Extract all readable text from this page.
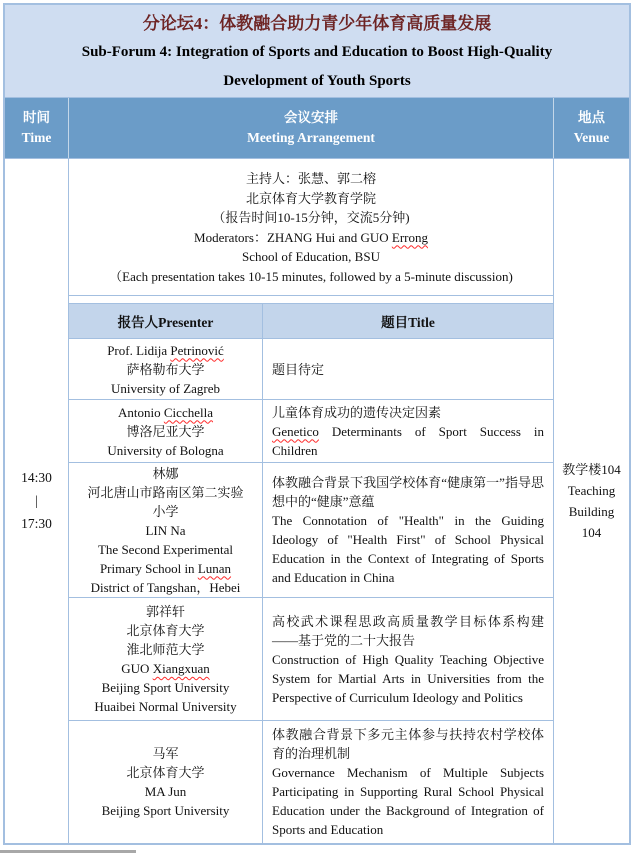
分论坛4：体教融合助力青少年体育高质量发展
Sub-Forum 4: Integration of Sports and Education to Boost High-Quality
Development of Youth Sports
时间
Time
会议安排
Meeting Arrangement
地点
Venue
14:30
|
17:30
主持人：张慧、郭二榕
北京体育大学教育学院
（报告时间10-15分钟，交流5分钟)
Moderators：ZHANG Hui and GUO Errong
School of Education, BSU
（Each presentation takes 10-15 minutes, followed by a 5-minute discussion)
报告人Presenter	题目Title
Prof. Lidija Petrinović
萨格勒布大学
University of Zagreb

题目待定

Antonio Cicchella
博洛尼亚大学
University of Bologna

儿童体育成功的遗传决定因素

Genetico Determinants of Sport Success in Children

林娜
河北唐山市路南区第二实验
小学
LIN Na
The Second Experimental
Primary School in Lunan
District of Tangshan，Hebei

体教融合背景下我国学校体育“健康第一”指导思想中的“健康”意蕴

The Connotation of "Health" in the Guiding Ideology of "Health First" of School Physical Education in the Context of Integrating of Sports and Education in China

郭祥轩
北京体育大学
淮北师范大学
GUO Xiangxuan
Beijing Sport University
Huaibei Normal University

高校武术课程思政高质量教学目标体系构建——基于党的二十大报告

Construction of High Quality Teaching Objective System for Martial Arts in Universities from the Perspective of Curriculum Ideology and Politics

马军
北京体育大学
MA Jun
Beijing Sport University

体教融合背景下多元主体参与扶持农村学校体育的治理机制

Governance Mechanism of Multiple Subjects Participating in Supporting Rural School Physical Education under the Background of Integration of Sports and Education

教学楼104
Teaching
Building
104
